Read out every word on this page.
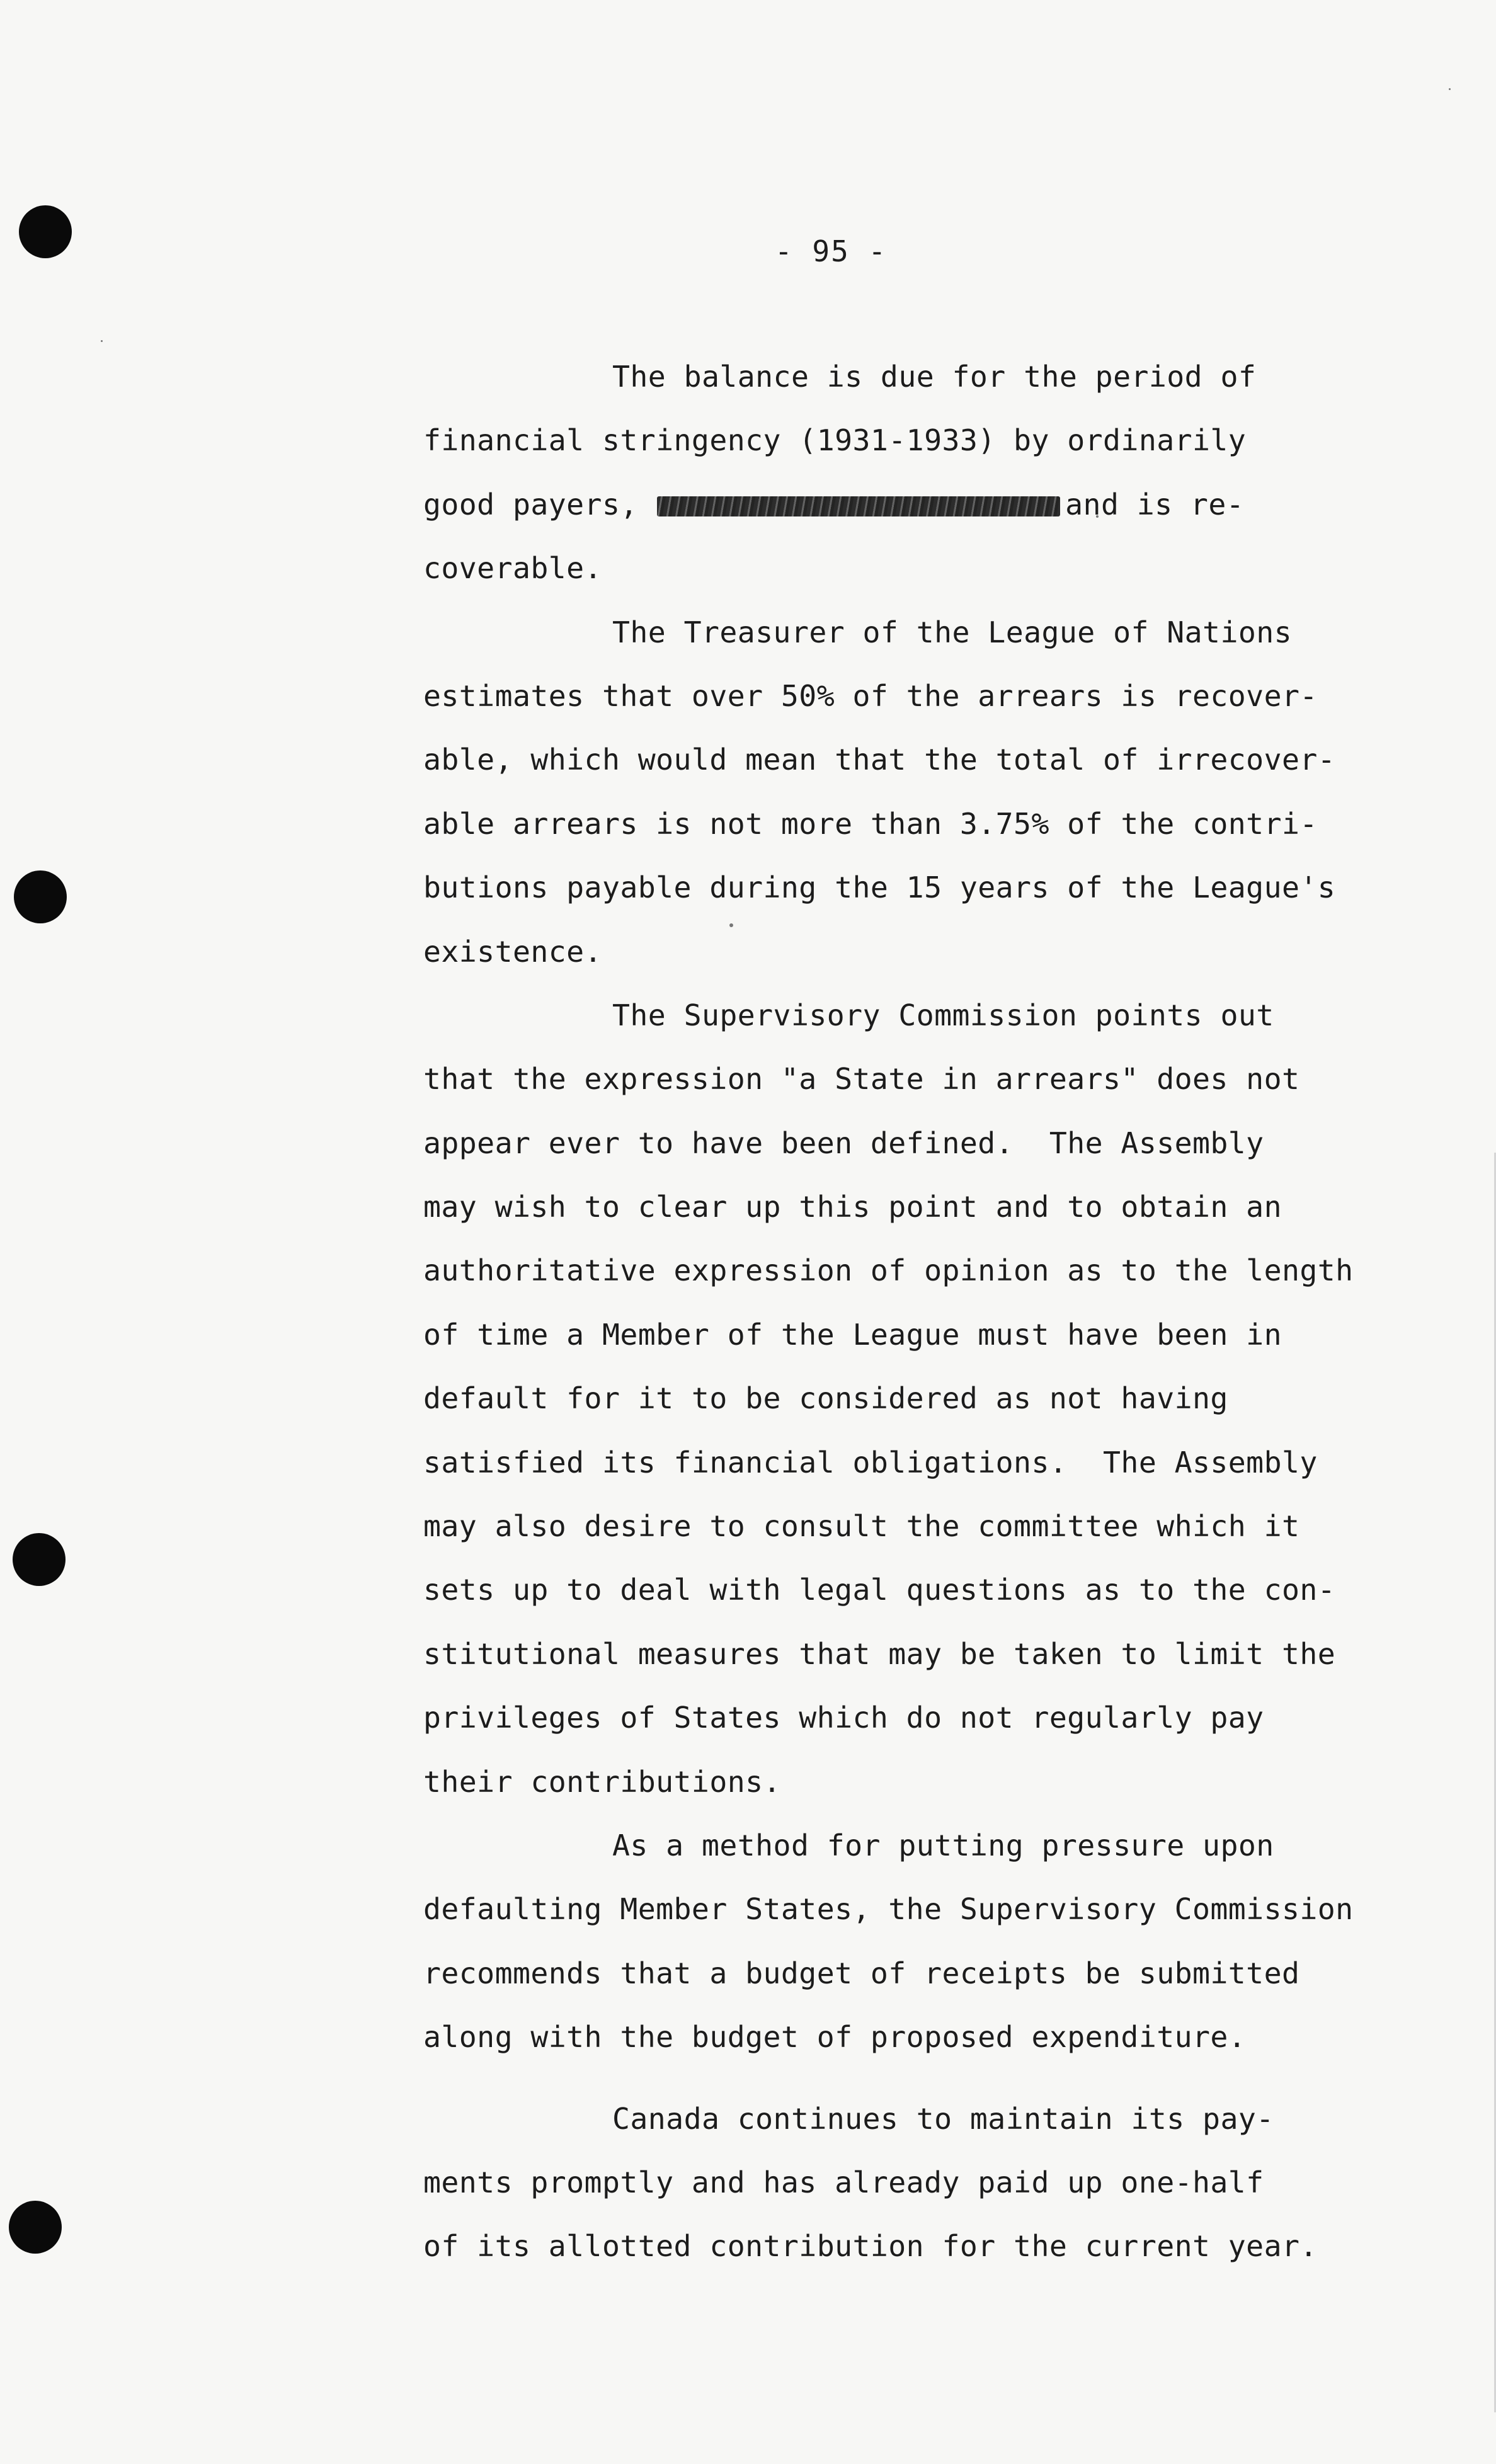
- 95 -
The balance is due for the period of
financial stringency (1931-1933) by ordinarily
good payers,	and is re-
coverable.
The Treasurer of the League of Nations
estimates that over 50% of the arrears is recover-
able, which would mean that the total of irrecover-
able arrears is not more than 3.75% of the contri-
butions payable during the 15 years of the League's
existence.
The Supervisory Commission points out
that the expression "a State in arrears" does not
appear ever to have been defined.  The Assembly
may wish to clear up this point and to obtain an
authoritative expression of opinion as to the length
of time a Member of the League must have been in
default for it to be considered as not having
satisfied its financial obligations.  The Assembly
may also desire to consult the committee which it
sets up to deal with legal questions as to the con-
stitutional measures that may be taken to limit the
privileges of States which do not regularly pay
their contributions.
As a method for putting pressure upon
defaulting Member States, the Supervisory Commission
recommends that a budget of receipts be submitted
along with the budget of proposed expenditure.
Canada continues to maintain its pay-
ments promptly and has already paid up one-half
of its allotted contribution for the current year.
